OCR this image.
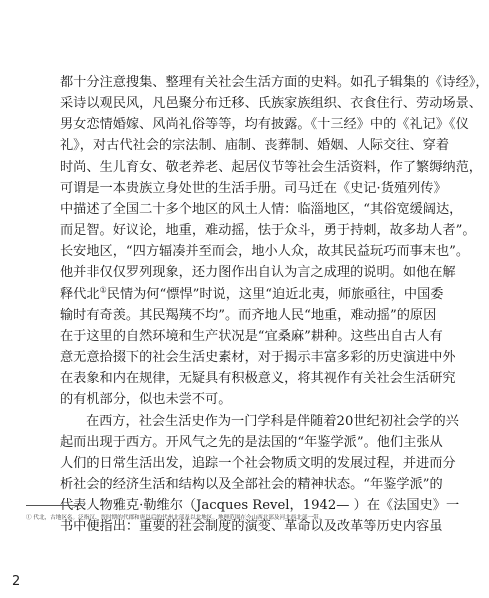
都十分注意搜集、整理有关社会生活方面的史料。如孔子辑集的《诗经》，
采诗以观民风，凡邑聚分布迁移、氏族家族组织、衣食住行、劳动场景、
男女恋情婚嫁、风尚礼俗等等，均有披露。《十三经》中的《礼记》《仪
礼》，对古代社会的宗法制、庙制、丧葬制、婚姻、人际交往、穿着
时尚、生儿育女、敬老养老、起居仪节等社会生活资料，作了繁缛纳范，
可谓是一本贵族立身处世的生活手册。司马迁在《史记·货殖列传》
中描述了全国二十多个地区的风土人情：临淄地区，“其俗宽缓阔达，
而足智。好议论，地重，难动摇，怯于众斗，勇于持刺，故多劫人者”。
长安地区，“四方辐凑并至而会，地小人众，故其民益玩巧而事末也”。
他并非仅仅罗列现象，还力图作出自认为言之成理的说明。如他在解
释代北①民情为何“慓悍”时说，这里“迫近北夷，师旅亟往，中国委
输时有奇羡。其民羯羠不均”。而齐地人民“地重，难动摇”的原因
在于这里的自然环境和生产状况是“宜桑麻”耕种。这些出自古人有
意无意拾掇下的社会生活史素材，对于揭示丰富多彩的历史演进中外
在表象和内在规律，无疑具有积极意义，将其视作有关社会生活研究
的有机部分，似也未尝不可。

在西方，社会生活史作为一门学科是伴随着20世纪初社会学的兴
起而出现于西方。开风气之先的是法国的“年鉴学派”。他们主张从
人们的日常生活出发，追踪一个社会物质文明的发展过程，并进而分
析社会的经济生活和结构以及全部社会的精神状态。“年鉴学派”的
代表人物雅克·勒维尔（Jacques Revel，1942— ）在《法国史》一
书中便指出：重要的社会制度的演变、革命以及改革等历史内容虽

① 代北，古地区名。泛指汉、晋时期的代郡和唐以后的代州北部及以北地区。地理范围在今山西北部及河北西北部一带。
2
